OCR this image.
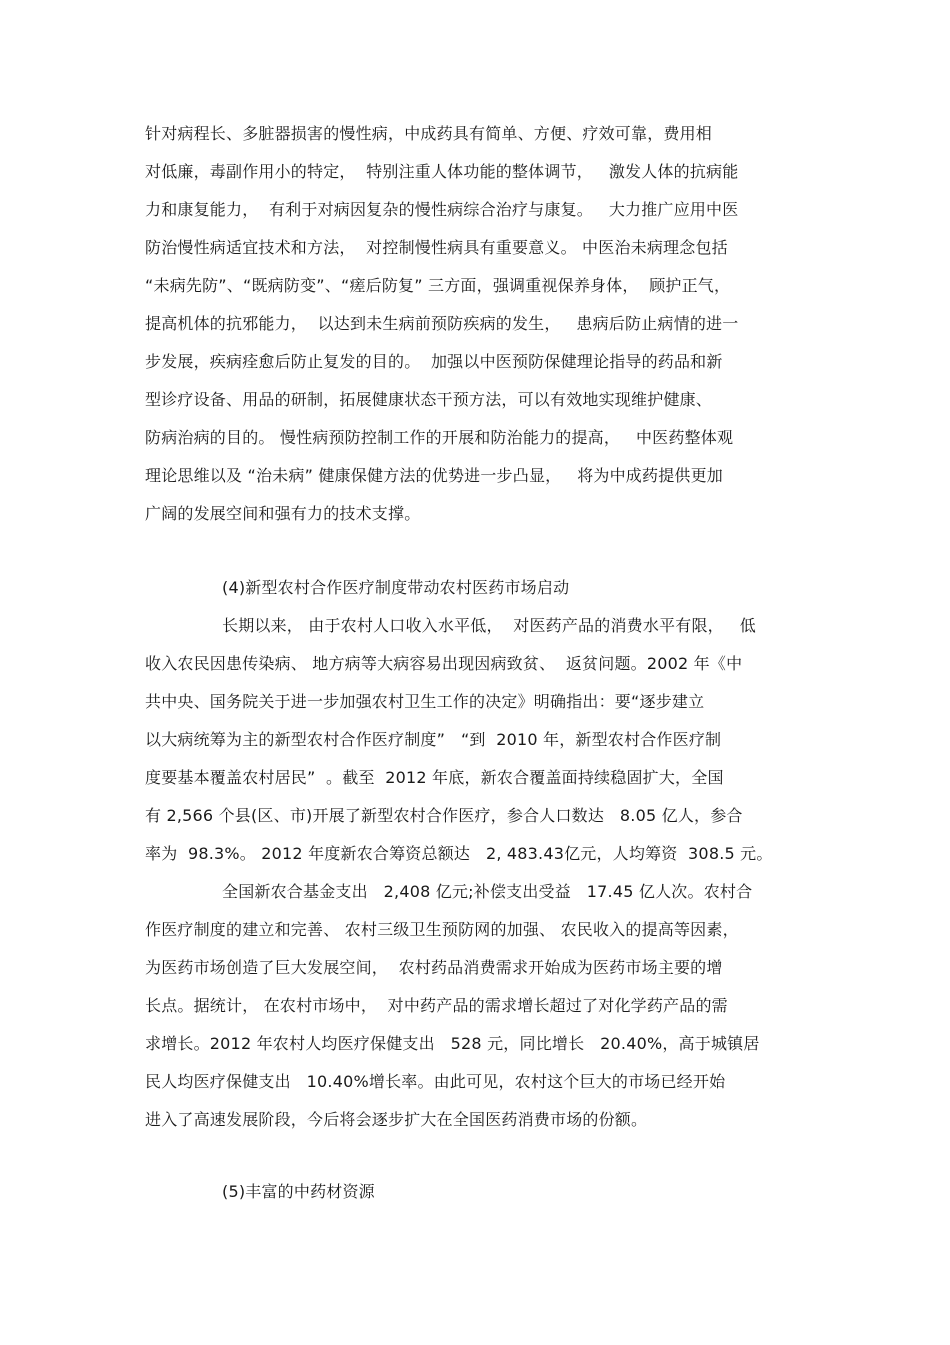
针对病程长、多脏器损害的慢性病，中成药具有简单、方便、疗效可靠，费用相
对低廉，毒副作用小的特定，  特别注重人体功能的整体调节，   激发人体的抗病能
力和康复能力，  有利于对病因复杂的慢性病综合治疗与康复。   大力推广应用中医
防治慢性病适宜技术和方法，  对控制慢性病具有重要意义。 中医治未病理念包括
“未病先防”、“既病防变”、“瘥后防复” 三方面，强调重视保养身体，  顾护正气，
提高机体的抗邪能力，  以达到未生病前预防疾病的发生，   患病后防止病情的进一
步发展，疾病痊愈后防止复发的目的。  加强以中医预防保健理论指导的药品和新
型诊疗设备、用品的研制，拓展健康状态干预方法，可以有效地实现维护健康、
防病治病的目的。 慢性病预防控制工作的开展和防治能力的提高，   中医药整体观
理论思维以及 “治未病” 健康保健方法的优势进一步凸显，   将为中成药提供更加
广阔的发展空间和强有力的技术支撑。
(4)新型农村合作医疗制度带动农村医药市场启动
长期以来， 由于农村人口收入水平低，  对医药产品的消费水平有限，   低
收入农民因患传染病、 地方病等大病容易出现因病致贫、  返贫问题。2002 年《中
共中央、国务院关于进一步加强农村卫生工作的决定》明确指出：要“逐步建立
以大病统筹为主的新型农村合作医疗制度”   “到  2010 年，新型农村合作医疗制
度要基本覆盖农村居民”  。截至  2012 年底，新农合覆盖面持续稳固扩大，全国
有 2,566 个县(区、市)开展了新型农村合作医疗，参合人口数达   8.05 亿人，参合
率为  98.3%。 2012 年度新农合筹资总额达   2, 483.43亿元，人均筹资  308.5 元。
全国新农合基金支出   2,408 亿元;补偿支出受益   17.45 亿人次。农村合
作医疗制度的建立和完善、 农村三级卫生预防网的加强、 农民收入的提高等因素，
为医药市场创造了巨大发展空间，  农村药品消费需求开始成为医药市场主要的增
长点。据统计， 在农村市场中，  对中药产品的需求增长超过了对化学药产品的需
求增长。2012 年农村人均医疗保健支出   528 元，同比增长   20.40%，高于城镇居
民人均医疗保健支出   10.40%增长率。由此可见，农村这个巨大的市场已经开始
进入了高速发展阶段，今后将会逐步扩大在全国医药消费市场的份额。
(5)丰富的中药材资源
